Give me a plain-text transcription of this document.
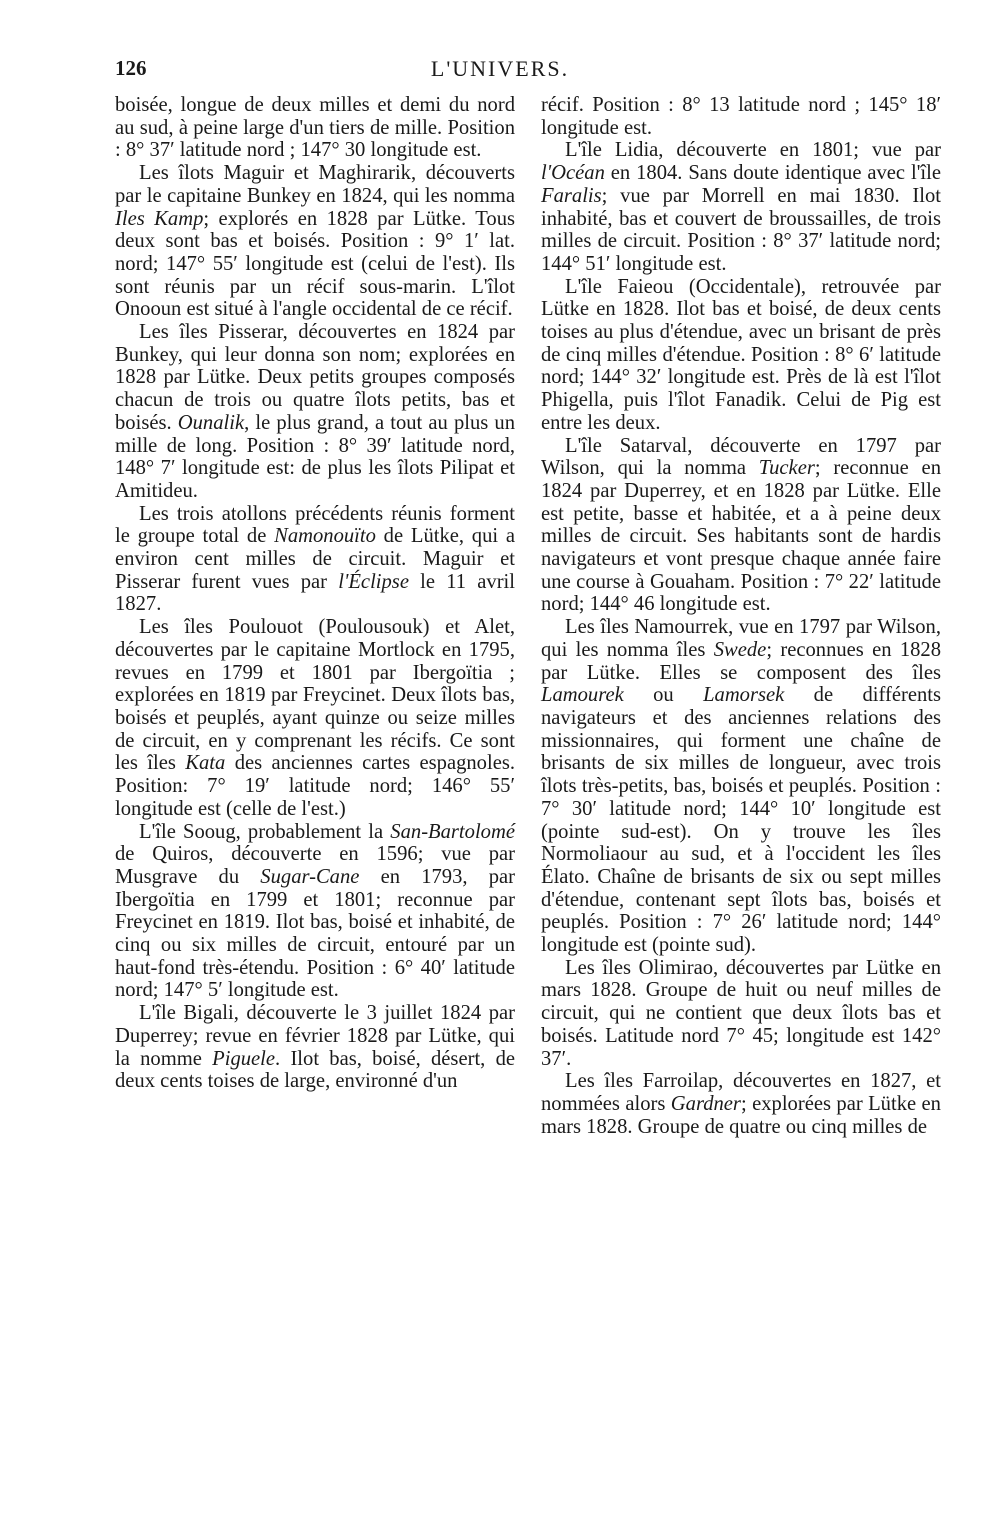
126	L'UNIVERS.

boisée, longue de deux milles et demi du nord au sud, à peine large d'un tiers de mille. Position : 8° 37′ latitude nord ; 147° 30 longitude est.

Les îlots Maguir et Maghirarik, découverts par le capitaine Bunkey en 1824, qui les nomma Iles Kamp; explorés en 1828 par Lütke. Tous deux sont bas et boisés. Position : 9° 1′ lat. nord; 147° 55′ longitude est (celui de l'est). Ils sont réunis par un récif sous-marin. L'îlot Onooun est situé à l'angle occidental de ce récif.

Les îles Pisserar, découvertes en 1824 par Bunkey, qui leur donna son nom; explorées en 1828 par Lütke. Deux petits groupes composés chacun de trois ou quatre îlots petits, bas et boisés. Ounalik, le plus grand, a tout au plus un mille de long. Position : 8° 39′ latitude nord, 148° 7′ longitude est: de plus les îlots Pilipat et Amitideu.

Les trois atollons précédents réunis forment le groupe total de Namonouïto de Lütke, qui a environ cent milles de circuit. Maguir et Pisserar furent vues par l'Éclipse le 11 avril 1827.

Les îles Poulouot (Poulousouk) et Alet, découvertes par le capitaine Mortlock en 1795, revues en 1799 et 1801 par Ibergoïtia ; explorées en 1819 par Freycinet. Deux îlots bas, boisés et peuplés, ayant quinze ou seize milles de circuit, en y comprenant les récifs. Ce sont les îles Kata des anciennes cartes espagnoles. Position: 7° 19′ latitude nord; 146° 55′ longitude est (celle de l'est.)

L'île Sooug, probablement la San-Bartolomé de Quiros, découverte en 1596; vue par Musgrave du Sugar-Cane en 1793, par Ibergoïtia en 1799 et 1801; reconnue par Freycinet en 1819. Ilot bas, boisé et inhabité, de cinq ou six milles de circuit, entouré par un haut-fond très-étendu. Position : 6° 40′ latitude nord; 147° 5′ longitude est.

L'île Bigali, découverte le 3 juillet 1824 par Duperrey; revue en février 1828 par Lütke, qui la nomme Piguele. Ilot bas, boisé, désert, de deux cents toises de large, environné d'un

récif. Position : 8° 13 latitude nord ; 145° 18′ longitude est.

L'île Lidia, découverte en 1801; vue par l'Océan en 1804. Sans doute identique avec l'île Faralis; vue par Morrell en mai 1830. Ilot inhabité, bas et couvert de broussailles, de trois milles de circuit. Position : 8° 37′ latitude nord; 144° 51′ longitude est.

L'île Faieou (Occidentale), retrouvée par Lütke en 1828. Ilot bas et boisé, de deux cents toises au plus d'étendue, avec un brisant de près de cinq milles d'étendue. Position : 8° 6′ latitude nord; 144° 32′ longitude est. Près de là est l'îlot Phigella, puis l'îlot Fanadik. Celui de Pig est entre les deux.

L'île Satarval, découverte en 1797 par Wilson, qui la nomma Tucker; reconnue en 1824 par Duperrey, et en 1828 par Lütke. Elle est petite, basse et habitée, et a à peine deux milles de circuit. Ses habitants sont de hardis navigateurs et vont presque chaque année faire une course à Gouaham. Position : 7° 22′ latitude nord; 144° 46 longitude est.

Les îles Namourrek, vue en 1797 par Wilson, qui les nomma îles Swede; reconnues en 1828 par Lütke. Elles se composent des îles Lamourek ou Lamorsek de différents navigateurs et des anciennes relations des missionnaires, qui forment une chaîne de brisants de six milles de longueur, avec trois îlots très-petits, bas, boisés et peuplés. Position : 7° 30′ latitude nord; 144° 10′ longitude est (pointe sud-est). On y trouve les îles Normoliaour au sud, et à l'occident les îles Élato. Chaîne de brisants de six ou sept milles d'étendue, contenant sept îlots bas, boisés et peuplés. Position : 7° 26′ latitude nord; 144° longitude est (pointe sud).

Les îles Olimirao, découvertes par Lütke en mars 1828. Groupe de huit ou neuf milles de circuit, qui ne contient que deux îlots bas et boisés. Latitude nord 7° 45; longitude est 142° 37′.

Les îles Farroilap, découvertes en 1827, et nommées alors Gardner; explorées par Lütke en mars 1828. Groupe de quatre ou cinq milles de
